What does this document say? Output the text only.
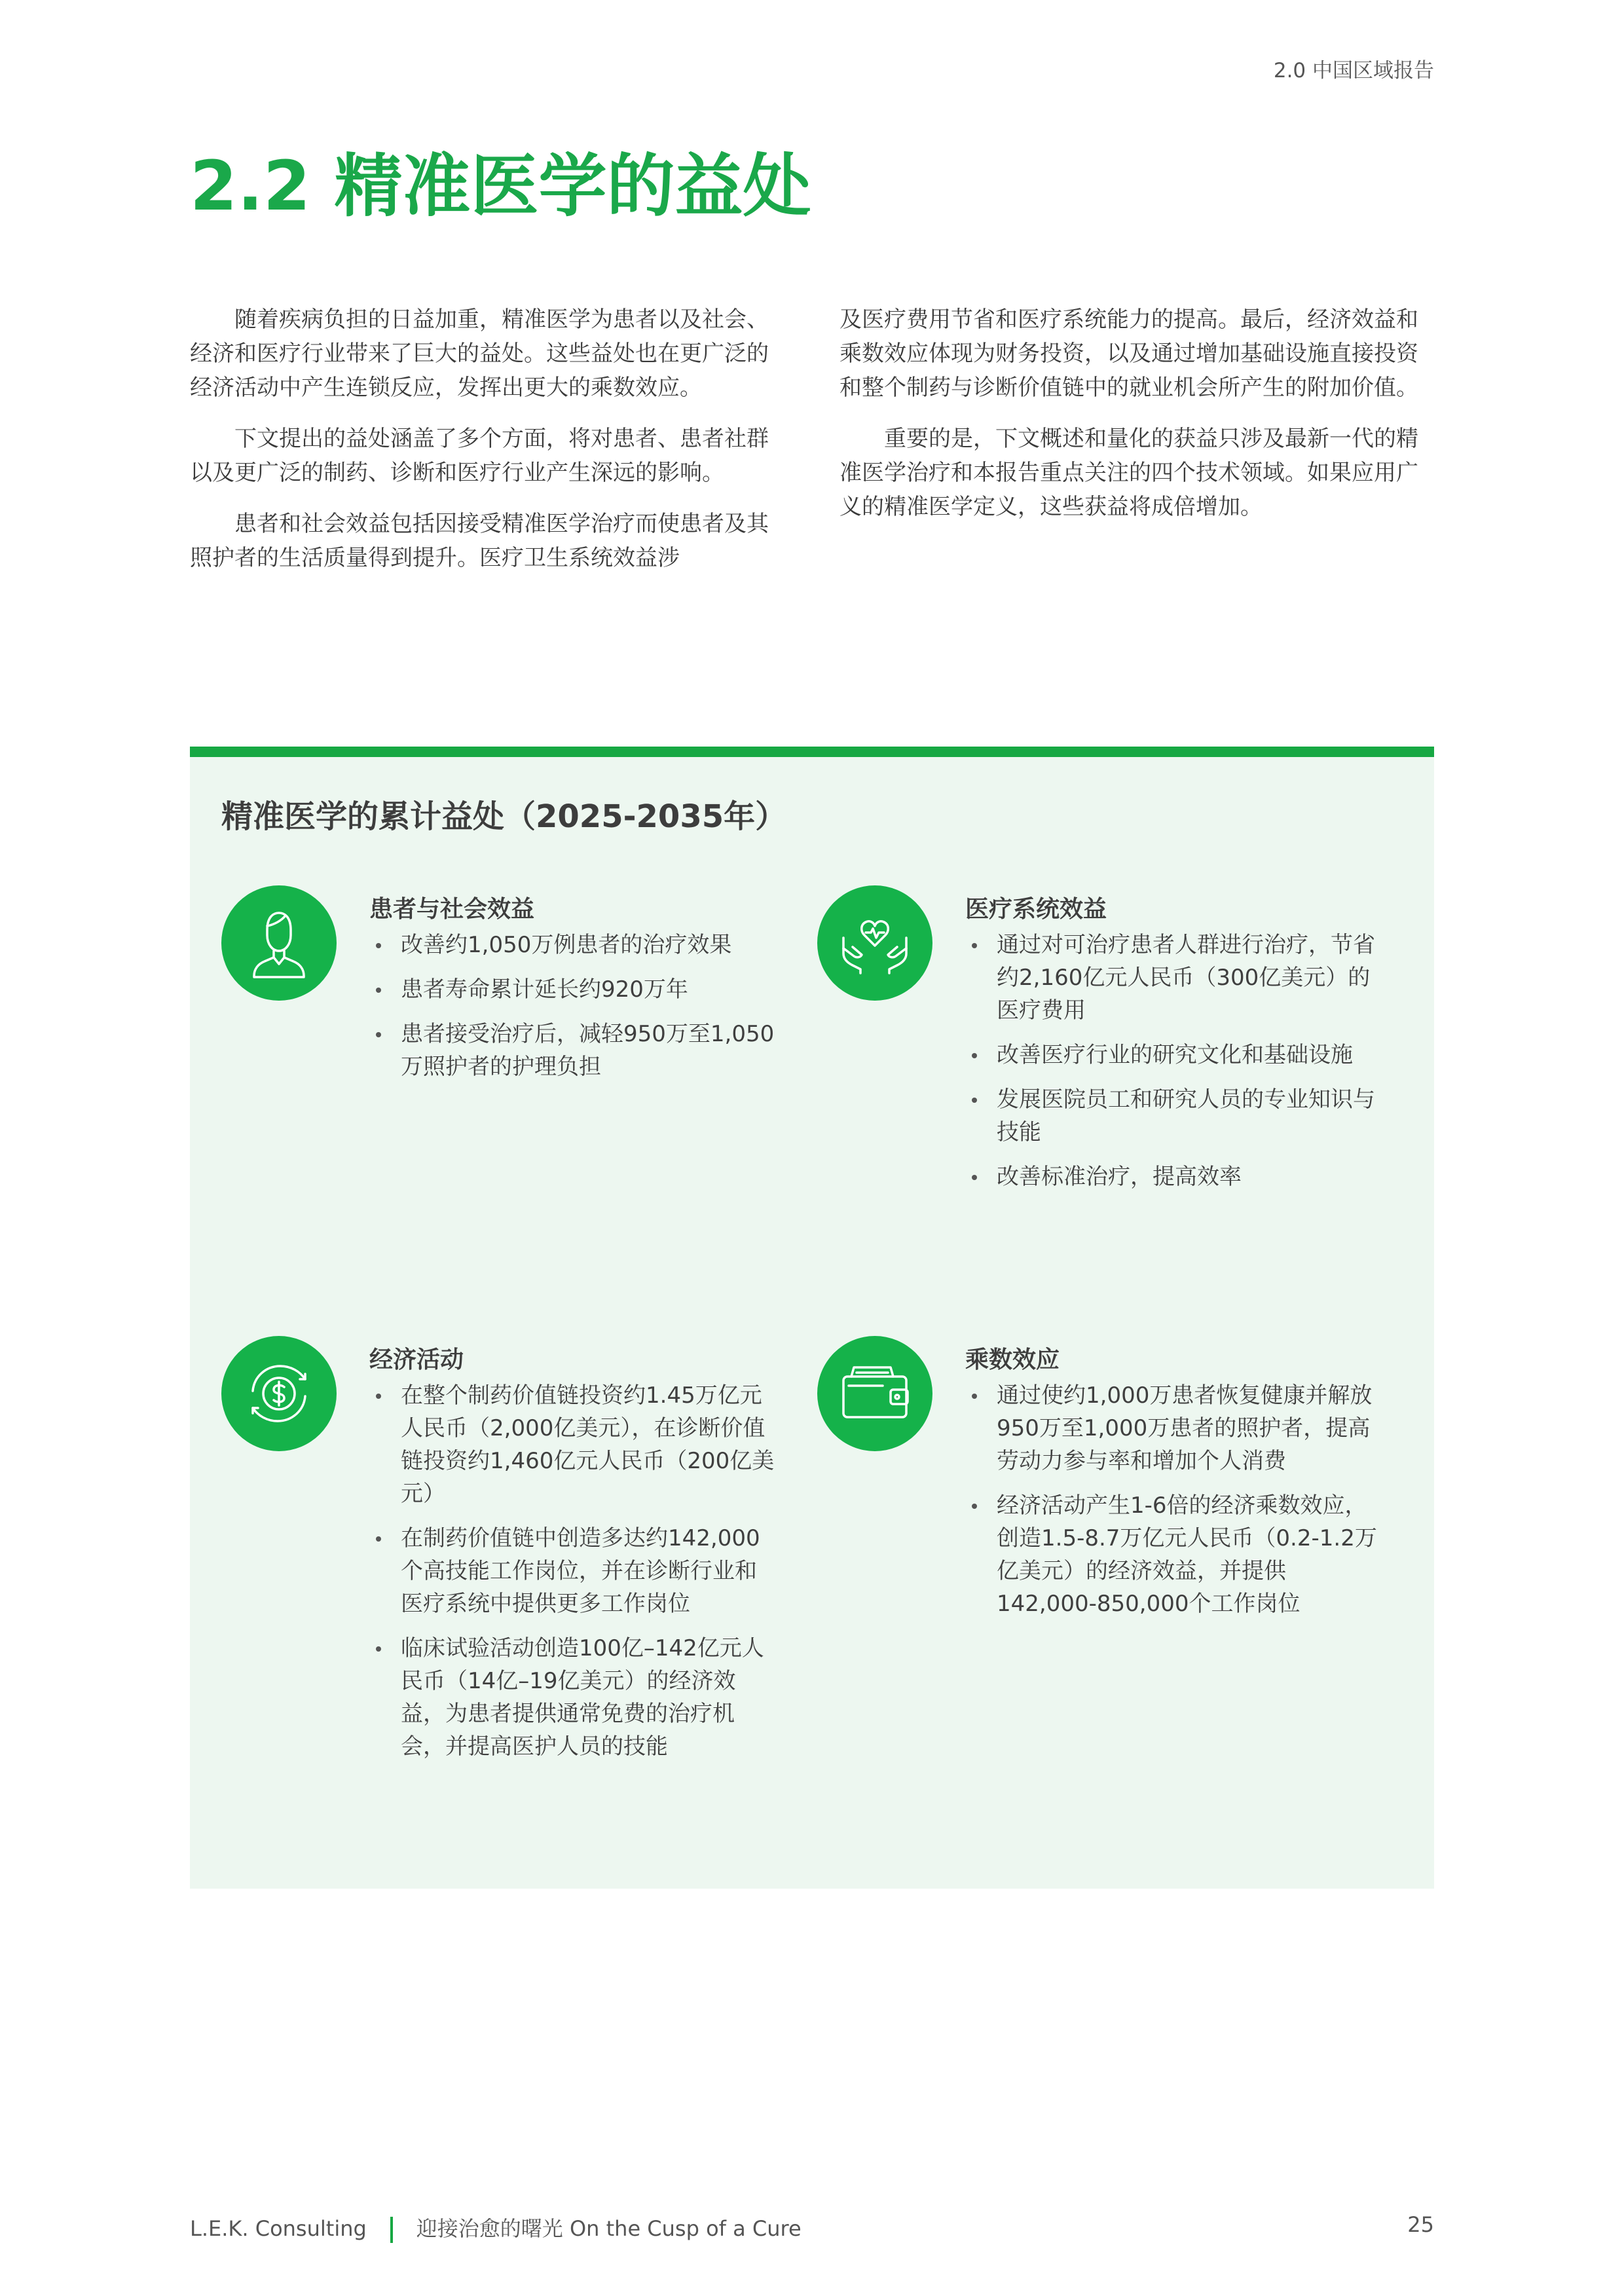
2.0 中国区域报告
2.2 精准医学的益处

随着疾病负担的日益加重，精准医学为患者以及社会、经济和医疗行业带来了巨大的益处。这些益处也在更广泛的经济活动中产生连锁反应，发挥出更大的乘数效应。

下文提出的益处涵盖了多个方面，将对患者、患者社群以及更广泛的制药、诊断和医疗行业产生深远的影响。

患者和社会效益包括因接受精准医学治疗而使患者及其照护者的生活质量得到提升。医疗卫生系统效益涉

及医疗费用节省和医疗系统能力的提高。最后，经济效益和乘数效应体现为财务投资，以及通过增加基础设施直接投资和整个制药与诊断价值链中的就业机会所产生的附加价值。

重要的是，下文概述和量化的获益只涉及最新一代的精准医学治疗和本报告重点关注的四个技术领域。如果应用广义的精准医学定义，这些获益将成倍增加。

精准医学的累计益处（2025-2035年）
患者与社会效益
改善约1,050万例患者的治疗效果
患者寿命累计延长约920万年
患者接受治疗后，减轻950万至1,050万照护者的护理负担
医疗系统效益
通过对可治疗患者人群进行治疗，节省约2,160亿元人民币（300亿美元）的医疗费用
改善医疗行业的研究文化和基础设施
发展医院员工和研究人员的专业知识与技能
改善标准治疗，提高效率
经济活动
在整个制药价值链投资约1.45万亿元人民币（2,000亿美元），在诊断价值链投资约1,460亿元人民币（200亿美元）
在制药价值链中创造多达约142,000个高技能工作岗位，并在诊断行业和医疗系统中提供更多工作岗位
临床试验活动创造100亿–142亿元人民币（14亿–19亿美元）的经济效益，为患者提供通常免费的治疗机会，并提高医护人员的技能
乘数效应
通过使约1,000万患者恢复健康并解放950万至1,000万患者的照护者，提高劳动力参与率和增加个人消费
经济活动产生1-6倍的经济乘数效应，创造1.5-8.7万亿元人民币（0.2-1.2万亿美元）的经济效益，并提供142,000-850,000个工作岗位
L.E.K. Consulting 迎接治愈的曙光 On the Cusp of a Cure	25
